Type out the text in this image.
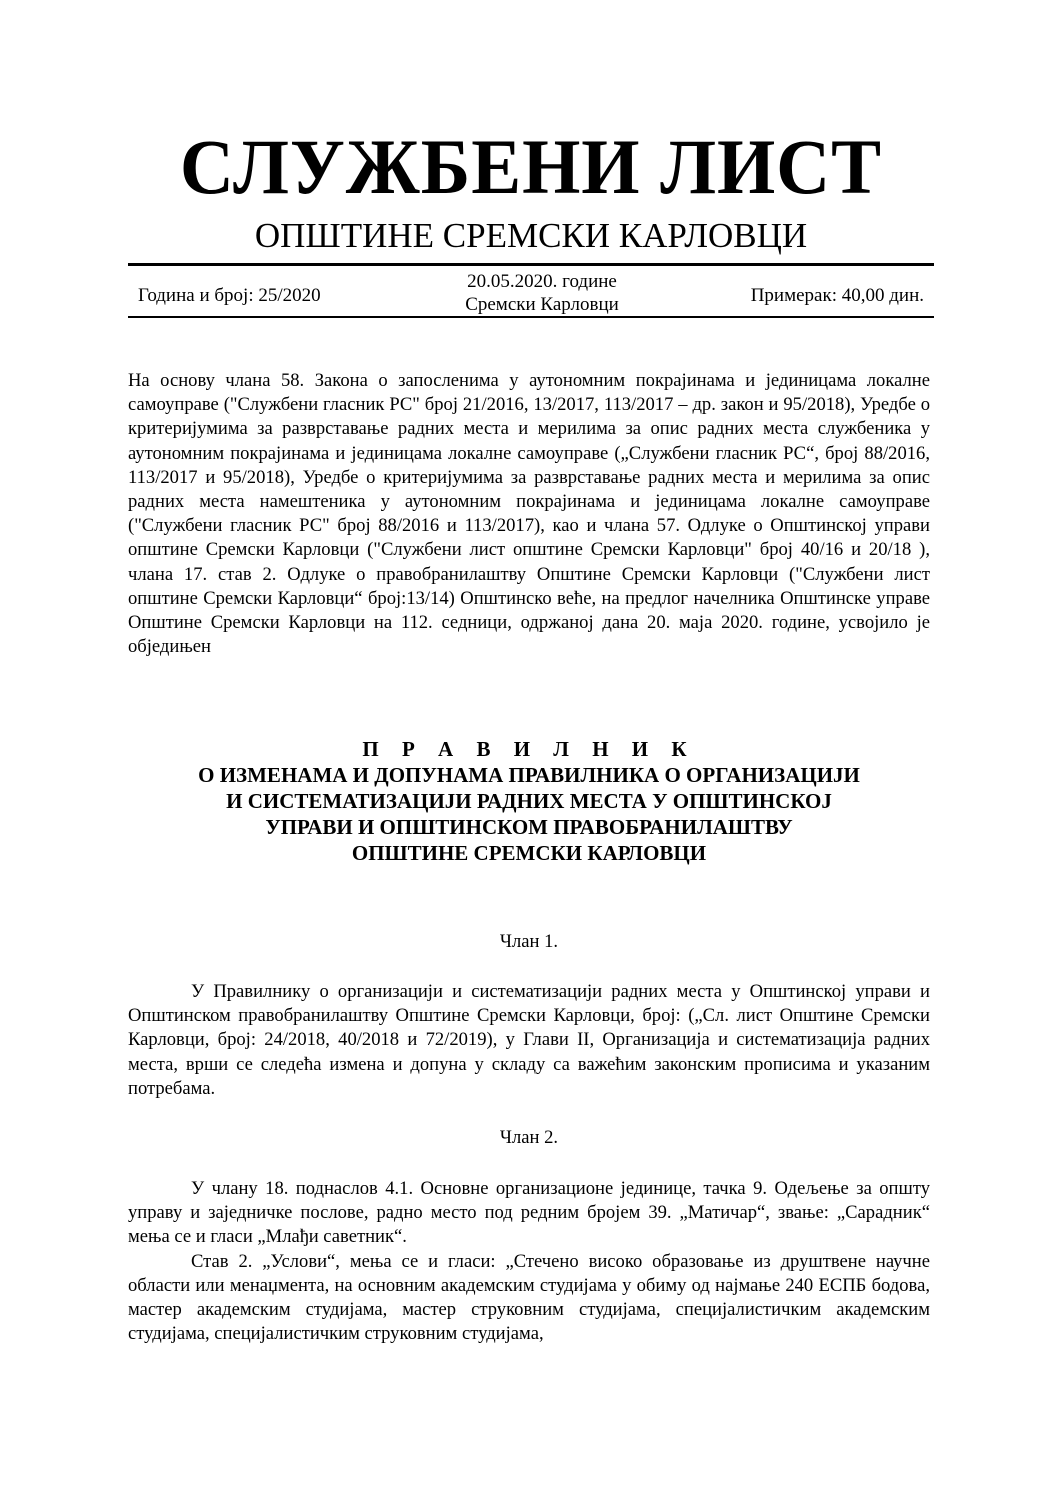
СЛУЖБЕНИ ЛИСТ
ОПШТИНЕ СРЕМСКИ КАРЛОВЦИ
Година и број: 25/2020
20.05.2020. године
Сремски Карловци	Примерак: 40,00 дин.

На основу члана 58. Закона о запосленима у аутономним покрајинама и јединицама локалне самоуправе ("Службени гласник РС" број 21/2016, 13/2017, 113/2017 – др. закон и 95/2018), Уредбе о критеријумима за разврставање радних места и мерилима за опис радних места службеника у аутономним покрајинама и јединицама локалне самоуправе („Службени гласник РС“, број 88/2016, 113/2017 и 95/2018), Уредбе о критеријумима за разврставање радних места и мерилима за опис радних места намештеника у аутономним покрајинама и јединицама локалне самоуправе ("Службени гласник РС" број 88/2016 и 113/2017), као и члана 57. Одлуке о Општинској управи општине Сремски Карловци ("Службени лист општине Сремски Карловци" број 40/16 и 20/18 ), члана 17. став 2. Одлуке о правобранилаштву Општине Сремски Карловци ("Службени лист општине Сремски Карловци“ број:13/14) Општинско веће, на предлог начелника Општинске управе Општине Сремски Карловци на 112. седници, одржаној дана 20. маја 2020. године, усвојило је обједињен

П Р А В И Л Н И К
О ИЗМЕНАМА И ДОПУНАМА ПРАВИЛНИКА О ОРГАНИЗАЦИЈИ
И СИСТЕМАТИЗАЦИЈИ РАДНИХ МЕСТА У ОПШТИНСКОЈ
УПРАВИ И ОПШТИНСКОМ ПРАВОБРАНИЛАШТВУ
ОПШТИНЕ СРЕМСКИ КАРЛОВЦИ
Члан 1.

У Правилнику о организацији и систематизацији радних места у Општинској управи и Општинском правобранилаштву Општине Сремски Карловци, број: („Сл. лист Општине Сремски Карловци, број: 24/2018, 40/2018 и 72/2019), у Глави II, Организација и систематизација радних места, врши се следећа измена и допуна у складу са важећим законским прописима и указаним потребама.

Члан 2.

У члану 18. поднаслов 4.1. Основне организационе јединице, тачка 9. Одељење за општу управу и заједничке послове, радно место под редним бројем 39. „Матичар“, звање: „Сарадник“ мења се и гласи „Млађи саветник“.

Став 2. „Услови“, мења се и гласи: „Стечено високо образовање из друштвене научне области или менаџмента, на основним академским студијама у обиму од најмање 240 ЕСПБ бодова, мастер академским студијама, мастер струковним студијама, специјалистичким академским студијама, специјалистичким струковним студијама,
